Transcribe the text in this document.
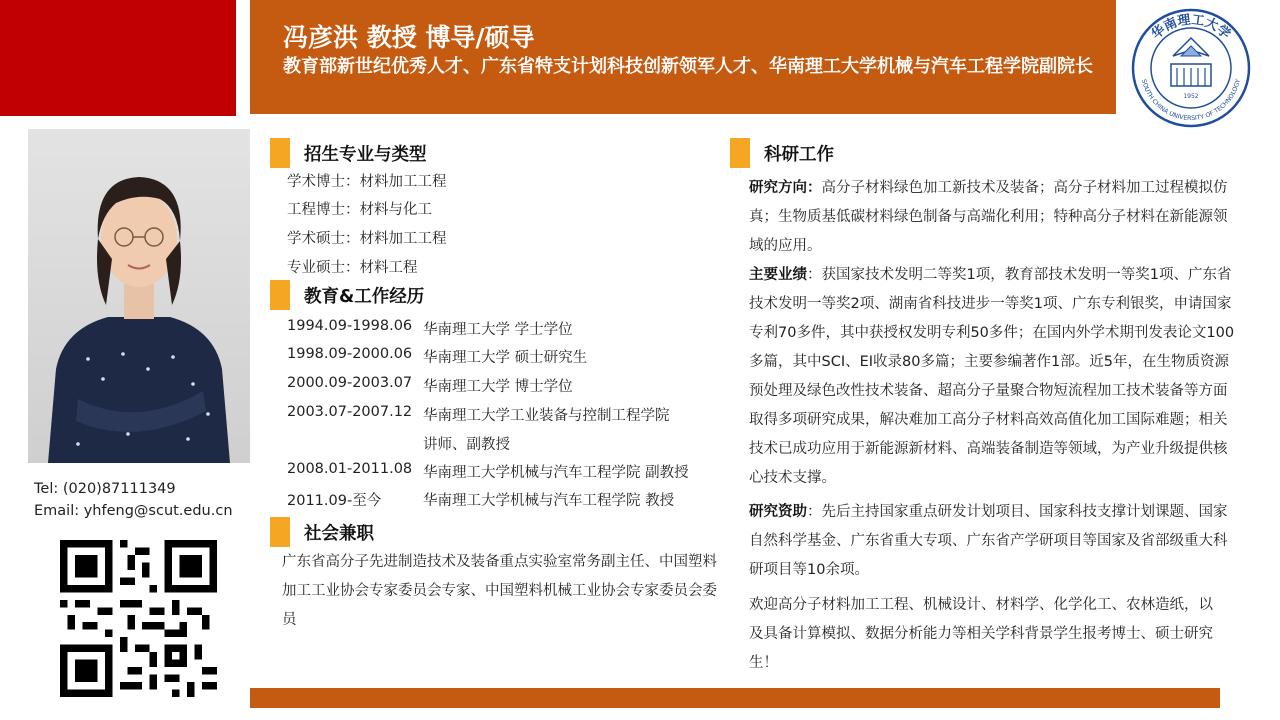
冯彦洪 教授 博导/硕导
教育部新世纪优秀人才、广东省特支计划科技创新领军人才、华南理工大学机械与汽车工程学院副院长
华南理工大学
SOUTH CHINA UNIVERSITY OF TECHNOLOGY
1952
Tel: (020)87111349
Email: yhfeng@scut.edu.cn
招生专业与类型
学术博士：材料加工工程
工程博士：材料与化工
学术硕士：材料加工工程
专业硕士：材料工程
教育&工作经历
1994.09-1998.06 华南理工大学 学士学位
1998.09-2000.06 华南理工大学 硕士研究生
2000.09-2003.07 华南理工大学 博士学位
2003.07-2007.12 华南理工大学工业装备与控制工程学院
讲师、副教授
2008.01-2011.08 华南理工大学机械与汽车工程学院 副教授
2011.09-至今	华南理工大学机械与汽车工程学院 教授
社会兼职
广东省高分子先进制造技术及装备重点实验室常务副主任、中国塑料加工工业协会专家委员会专家、中国塑料机械工业协会专家委员会委员
科研工作
研究方向：高分子材料绿色加工新技术及装备；高分子材料加工过程模拟仿真；生物质基低碳材料绿色制备与高端化利用；特种高分子材料在新能源领域的应用。
主要业绩：获国家技术发明二等奖1项，教育部技术发明一等奖1项、广东省技术发明一等奖2项、湖南省科技进步一等奖1项、广东专利银奖，申请国家专利70多件，其中获授权发明专利50多件；在国内外学术期刊发表论文100多篇，其中SCI、EI收录80多篇；主要参编著作1部。近5年，在生物质资源预处理及绿色改性技术装备、超高分子量聚合物短流程加工技术装备等方面取得多项研究成果，解决难加工高分子材料高效高值化加工国际难题；相关技术已成功应用于新能源新材料、高端装备制造等领域，为产业升级提供核心技术支撑。
研究资助：先后主持国家重点研发计划项目、国家科技支撑计划课题、国家自然科学基金、广东省重大专项、广东省产学研项目等国家及省部级重大科研项目等10余项。
欢迎高分子材料加工工程、机械设计、材料学、化学化工、农林造纸，以及具备计算模拟、数据分析能力等相关学科背景学生报考博士、硕士研究生！
